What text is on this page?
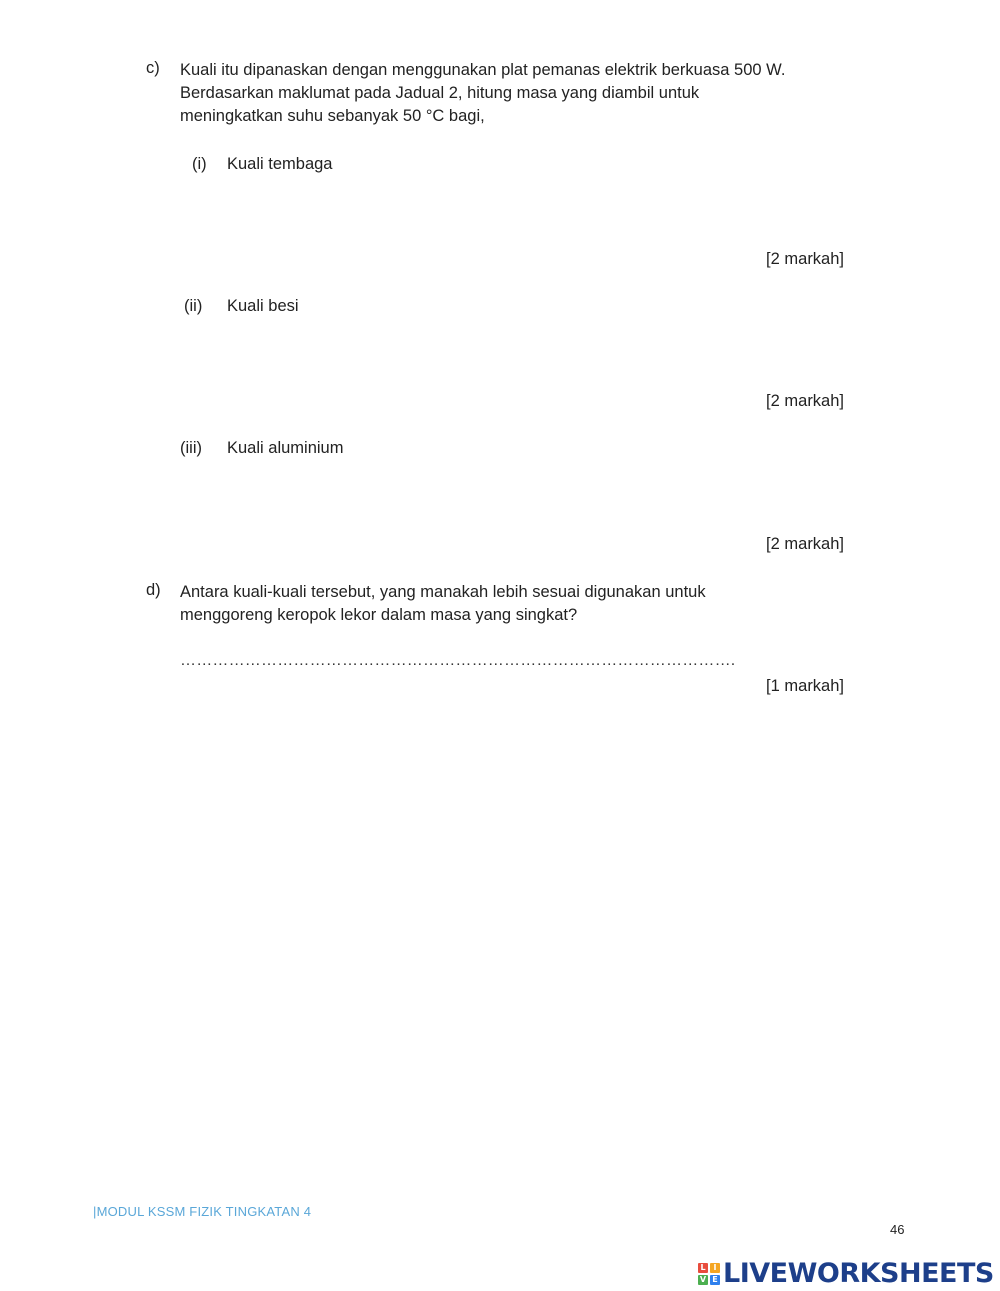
c) Kuali itu dipanaskan dengan menggunakan plat pemanas elektrik berkuasa 500 W.
Berdasarkan maklumat pada Jadual 2, hitung masa yang diambil untuk
meningkatkan suhu sebanyak 50 °C bagi,
(i) Kuali tembaga
[2 markah]
(ii) Kuali besi
[2 markah]
(iii) Kuali aluminium
[2 markah]
d) Antara kuali-kuali tersebut, yang manakah lebih sesuai digunakan untuk
menggoreng keropok lekor dalam masa yang singkat?
………………………………………………………………………………………….
[1 markah]
|MODUL KSSM FIZIK TINGKATAN 4
46
L I
V E LIVEWORKSHEETS
